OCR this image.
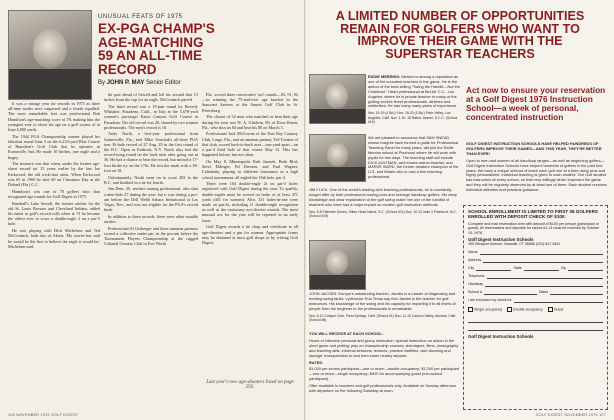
UNUSUAL FEATS OF 1975
EX-PGA CHAMP'S AGE-MATCHING 59 AN ALL-TIME RECORD
By JOHN P. MAY Senior Editor

It was a vintage year for records in 1975 as three all-time marks were surpassed and a fourth equalled. The most remarkable feat was professional Bob Hamilton's age-matching score of 59, making him the youngest ever to shoot his age on a golf course of at least 6,000 yards.

The 1944 PGA Championship winner played his fabulous round June 3 on the 6,233-yard Blue Course of Hamilton's Golf Club that he operates in Evansville, Ind. He made 10 birdies, one eagle and a bogey.

The instance was that when, under the former age-shoot record set 15 years earlier by the late Joe Kirkwood, the old trick-shot artist. When Kirkwood was 65 in 1960 he shot 60 on Christmas Day at the Deland (Fla.) C.C.

Hamilton's was one of 78 golfers who shot recognized age rounds for Golf Digest in 1975.

Baseball's Luke Sewell, the former catcher for the old St. Louis Browns and Cleveland Indians, added his name to golf's record rolls when at 74 he became the oldest ever to score a double-eagle 2 on a par-5 hole.

He was playing with Dick Michelsen and Ted McCormick, both also of Akron. 'My son-in-law said he would be the first to believe the eagle it would be,' Michelsen said.

hit past ahead of Sewell and left his second shot 15 inches from the cup for an eagle. McCormick parred.

The third record was a 19-putt round by Beverly Whitaker, Pasadena, Calif., in July at the 5,678-yard women's par-target Eaton Canyon Golf Course in Pasadena. The old record was 20, shared by two women professionals. The men's record is 16.

Andy North, a first-year professional from Gainesville, Fla., tied Mike Souchak's all-time PGA tour 36-hole record of 27 Aug. 29 in the first round of the B.C. Open in Endicott, N.Y. North also tied the record-tying round on the back nine after going out in 36. He had a chance to beat the record, but missed a 17-foot birdie try on the 17th. He lost the mark with a 38-foot on 18.

Unfortunately, North went on to score 282 in the B.C. and finished in a tie for fourth.

Jim Dent, 30, another touring professional, also shot a nine-hole 27 during the year, but it was during a pro-am before the Dell Webb Sahara Invitational at Las Vegas, Nev., and was not eligible for the PGA's record book.

In addition to three records, there were other notable rarities.

Professional Al Geiberger and three amateur partners scored a collective under par, in the pro-am before the Tournament Players Championship at the rugged Colonial Country Club in Fort Worth.

Fla., scored three consecutive 'ace' rounds—92, 91, 92—in winning the 75-and-over age bracket in the Suncoast Seniors at the Sunset Golf Club in St. Petersburg.

The closest of 54 men who matched or beat their age during the year was W. A. Gladwin, 89, of Boca Raton, Fla., who shot an 84 and beat his 88 on March 3.

Professional Jack McGowan of the East Bay Country Club, Largo, Fla., and an amateur partner, Ted Toomer of that club, scored back-to-back aces—one yard apart—on a par-4 third hole of that course May 13. This has happened before, but not often.

On May 8, Minneapolis Park Jamsek, Ruth Bird, Steve Ehlinger, Ed Dressen, and Paul Wagner, Caledonia, playing in different foursomes in a high school tournament, all eagled the 16th hole, par 4.

There were 104 double-eagle 2s on par-5 holes registered with Golf Digest during the year. To qualify, double-eagles must be scored on holes of at least 471 yards (401 for women). Also, 131 holes-in-one were made on par-4s, including 11 double-eagle recognition as well as the customary ace-shooter awards. The most unusual ace for the year will be reported in an early issue.

Golf Digest awards a tie clasp and certificate to all age-shooters and a pin for women. Appropriate forms may be obtained at most golf shops or by writing Golf Digest.

Last year's new age-shooters listed on page 295.
106 NOVEMBER 1976 GOLF DIGEST
A LIMITED NUMBER OF OPPORTUNITIES REMAIN FOR GOLFERS WHO WANT TO IMPROVE THEIR GAME WITH THE SUPERSTAR TEACHERS

EDDIE MERRINS: Merrins is among a reputation as one of the soundest teachers in the game. He is the author of the best-selling "Swing the Handle—Not the Clubhead." Head professional at Bel-Air C.C., Los Angeles, where he is private teacher to many of the golfing world's finest professionals, athletes and celebrities. He has many many years of experience.

Nov. 15-19 (4 Bd.); Nov. 18-20 (3 Bd.) Palm Valley, Los Angeles, Calif. Nov. 1-10: 18 Rated. Alumni, S.C.C. (School #15)

We are pleased to announce that SAM SNEAD, whose insights have formed a guide for Professional Teaching Panel for many years, will join the Eddie Merrins school at Pinehurst where he will work with pupils for two days. The teaching staff will include DICK AULTMAN, well-known author-teacher, and MARVE WARD, the former amateur champion of the U.S. and Britain who is now a fine teaching professional.

JIM FLICK: One of the world's leading club teaching professionals, he is constantly sought after by both professional touring pros and average handicap golfers. His deep knowledge and clear explanation of the golf swing make him one of the handful of teachers who have had a major impact on modern golf instruction methods.

Nov. 5-8 Palmetto Dunes, Hilton Head Island, S.C. (School #11) Nov. 10-14 Innis 3 Pinehurst, N.C. (School #19)

JOHN JACOBS: Europe's outstanding teacher, Jacobs is a master of diagnosing and treating swing faults. Lydbrooke Rub Texas say that Jacobs is the teacher for golf instructors. His knowledge of the swing and his capacity for imparting it to all levels of people from the beginner to the professionals is remarkable.

Nov. 6-10 Canyon Club, Palm Springs, Calif. (School #1) Nov. 11-15 Canyon Valley, Arizona, Calif. (School #8)

YOU WILL RECEIVE AT EACH SCHOOL:

Hours of intensive personal and group instruction; special instruction on action in the short game and putting; play on championship courses; videotapes, films, photography and teaching aids; informal sessions; lectures, practice facilities, club cleaning and storage; transportation to and from some nearby airports.

RATES:

$1,000 per school participant—one or more—double occupancy; $1,200 per participant—one or more—single occupancy; $400 for accompanying guest (non-school participant).

Offer available to teachers and golf professionals only. Available on Sunday afternoon with departure on the following Saturday at noon.

Act now to ensure your reservation at a Golf Digest 1976 Instruction School—a week of personal, concentrated instruction

GOLF DIGEST INSTRUCTION SCHOOLS HAVE HELPED HUNDREDS OF GOLFERS IMPROVE THEIR GAMES—AND THIS YEAR, THEY'RE BETTER THAN EVER!

Open to men and women of all handicap ranges—as well as beginning golfers—Golf Digest Instruction Schools have helped hundreds of golfers in the past four years. We have a unique method of teach each golf one at a time using pros and highly personalized, individual teaching is given to each student. Our Golf student has instructors at every school, on that very willingly which improved the game and they will be regularly observed by at least one of them. Each student receives individual attention and practical guidance.

SCHOOL ENROLLMENT IS LIMITED TO FIRST 36 GOLFERS ENROLLED WITH DEPOSIT CHECK OF $100.
Complete and mail reservation form with deposit of $100 per person (participant or guest). All reservations and deposits for school #1-24 must be received by October 15, 1976.
Golf Digest Instruction Schools
495 Westport Avenue, Norwalk, CT 06856 (203) 847-5811
Name
Address
City	State	Zip
Telephone
Handicap
School #	Dates
I am enclosed my check for
Single occupancy	Double occupancy	Guest
Golf Digest Instruction Schools
GOLF DIGEST NOVEMBER 1976 107
